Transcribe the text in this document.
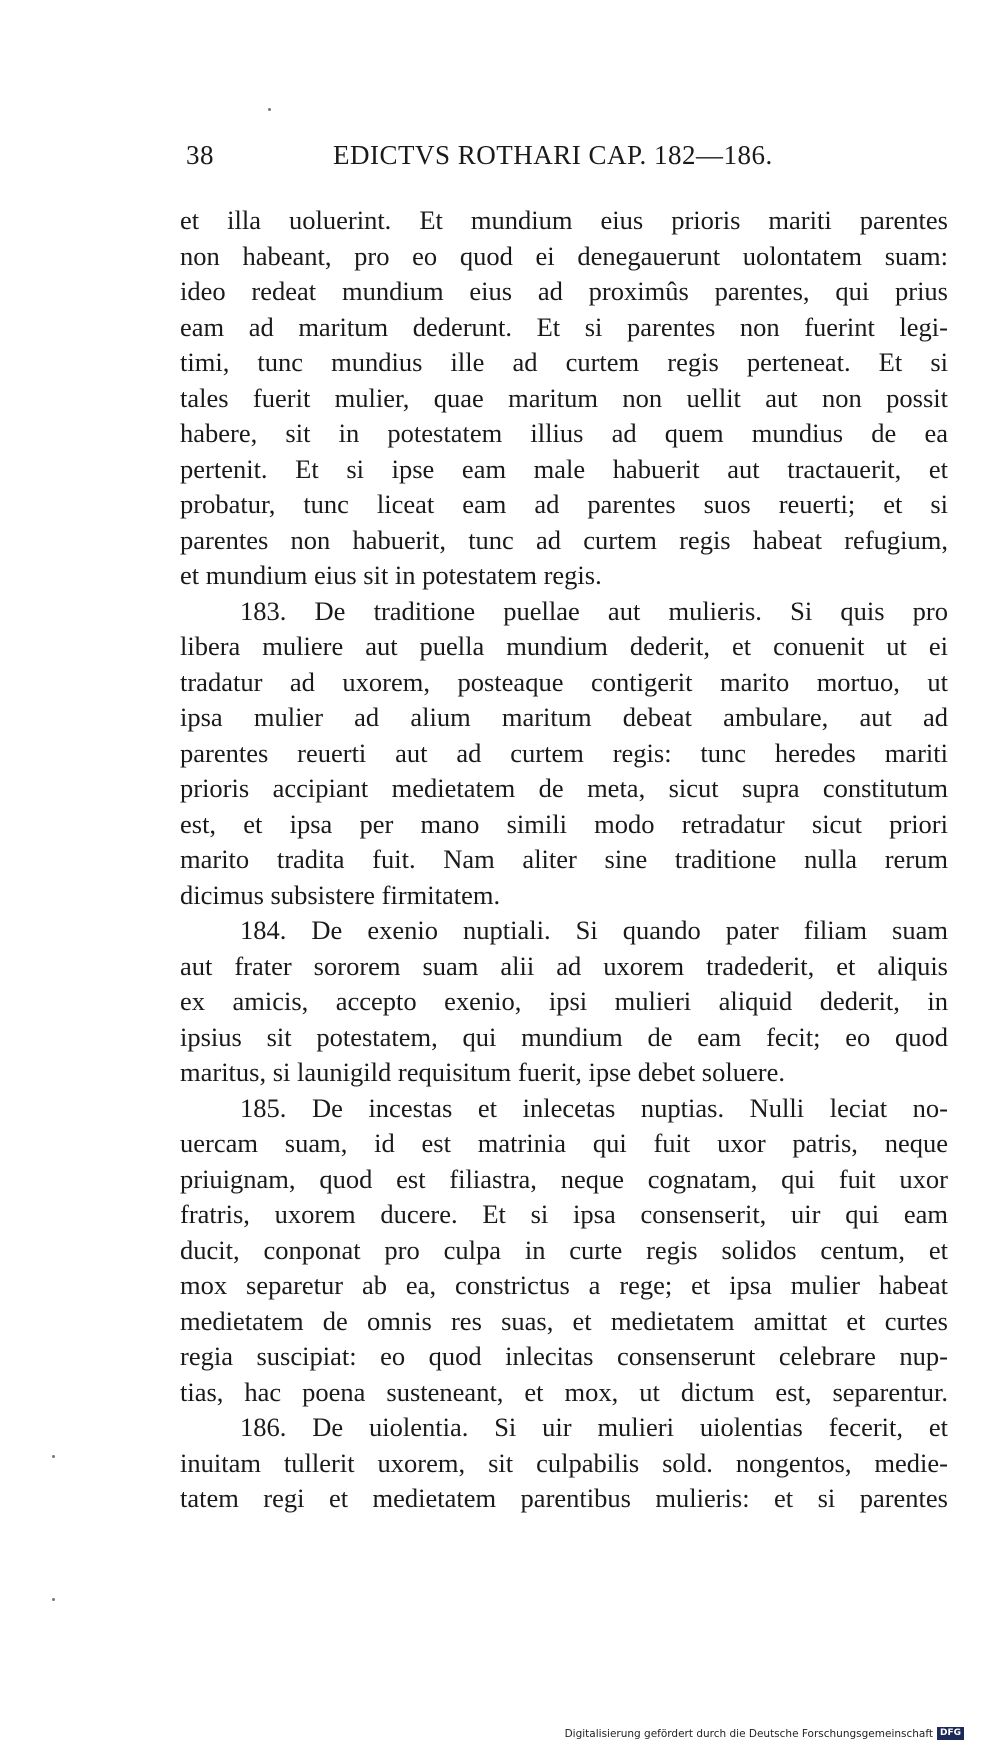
38	EDICTVS ROTHARI CAP. 182—186.
et illa uoluerint. Et mundium eius prioris mariti parentes
non habeant, pro eo quod ei denegauerunt uolontatem suam:
ideo redeat mundium eius ad proximûs parentes, qui prius
eam ad maritum dederunt. Et si parentes non fuerint legi-
timi, tunc mundius ille ad curtem regis perteneat. Et si
tales fuerit mulier, quae maritum non uellit aut non possit
habere, sit in potestatem illius ad quem mundius de ea
pertenit. Et si ipse eam male habuerit aut tractauerit, et
probatur, tunc liceat eam ad parentes suos reuerti; et si
parentes non habuerit, tunc ad curtem regis habeat refugium,
et mundium eius sit in potestatem regis.
183. De traditione puellae aut mulieris. Si quis pro
libera muliere aut puella mundium dederit, et conuenit ut ei
tradatur ad uxorem, posteaque contigerit marito mortuo, ut
ipsa mulier ad alium maritum debeat ambulare, aut ad
parentes reuerti aut ad curtem regis: tunc heredes mariti
prioris accipiant medietatem de meta, sicut supra constitutum
est, et ipsa per mano simili modo retradatur sicut priori
marito tradita fuit. Nam aliter sine traditione nulla rerum
dicimus subsistere firmitatem.
184. De exenio nuptiali. Si quando pater filiam suam
aut frater sororem suam alii ad uxorem tradederit, et aliquis
ex amicis, accepto exenio, ipsi mulieri aliquid dederit, in
ipsius sit potestatem, qui mundium de eam fecit; eo quod
maritus, si launigild requisitum fuerit, ipse debet soluere.
185. De incestas et inlecetas nuptias. Nulli leciat no-
uercam suam, id est matrinia qui fuit uxor patris, neque
priuignam, quod est filiastra, neque cognatam, qui fuit uxor
fratris, uxorem ducere. Et si ipsa consenserit, uir qui eam
ducit, conponat pro culpa in curte regis solidos centum, et
mox separetur ab ea, constrictus a rege; et ipsa mulier habeat
medietatem de omnis res suas, et medietatem amittat et curtes
regia suscipiat: eo quod inlecitas consenserunt celebrare nup-
tias, hac poena susteneant, et mox, ut dictum est, separentur.
186. De uiolentia. Si uir mulieri uiolentias fecerit, et
inuitam tullerit uxorem, sit culpabilis sold. nongentos, medie-
tatem regi et medietatem parentibus mulieris: et si parentes
Digitalisierung gefördert durch die Deutsche Forschungsgemeinschaft DFG
